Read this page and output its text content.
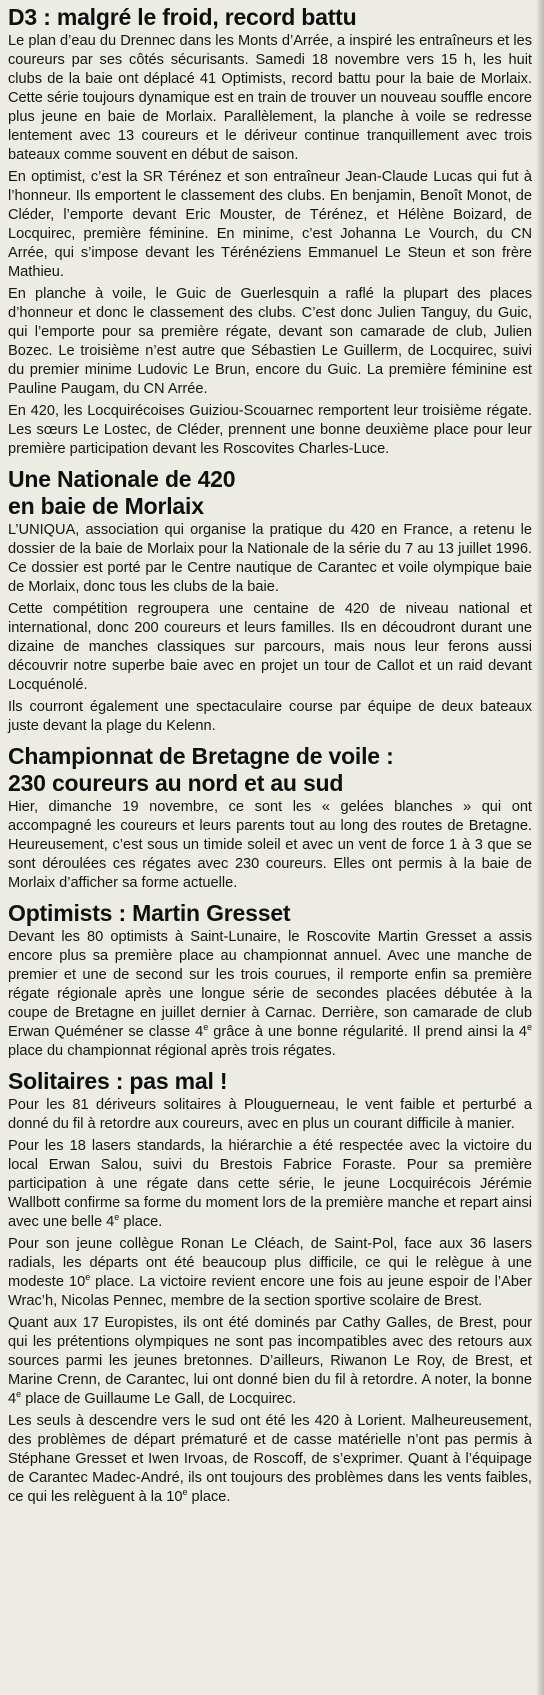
D3 : malgré le froid, record battu

Le plan d’eau du Drennec dans les Monts d’Arrée, a inspiré les entraîneurs et les coureurs par ses côtés sécurisants. Samedi 18 novembre vers 15 h, les huit clubs de la baie ont déplacé 41 Optimists, record battu pour la baie de Morlaix. Cette série toujours dynamique est en train de trouver un nouveau souffle encore plus jeune en baie de Morlaix. Parallèlement, la planche à voile se redresse lentement avec 13 coureurs et le dériveur continue tranquillement avec trois bateaux comme souvent en début de saison.

En optimist, c’est la SR Térénez et son entraîneur Jean-Claude Lucas qui fut à l’honneur. Ils emportent le classement des clubs. En benjamin, Benoît Monot, de Cléder, l’emporte devant Eric Mouster, de Térénez, et Hélène Boizard, de Locquirec, première féminine. En minime, c’est Johanna Le Vourch, du CN Arrée, qui s’impose devant les Térénéziens Emmanuel Le Steun et son frère Mathieu.

En planche à voile, le Guic de Guerlesquin a raflé la plupart des places d’honneur et donc le classement des clubs. C’est donc Julien Tanguy, du Guic, qui l’emporte pour sa première régate, devant son camarade de club, Julien Bozec. Le troisième n’est autre que Sébastien Le Guillerm, de Locquirec, suivi du premier minime Ludovic Le Brun, encore du Guic. La première féminine est Pauline Paugam, du CN Arrée.

En 420, les Locquirécoises Guiziou-Scouarnec remportent leur troisième régate. Les sœurs Le Lostec, de Cléder, prennent une bonne deuxième place pour leur première participation devant les Roscovites Charles-Luce.

Une Nationale de 420
en baie de Morlaix

L’UNIQUA, association qui organise la pratique du 420 en France, a retenu le dossier de la baie de Morlaix pour la Nationale de la série du 7 au 13 juillet 1996. Ce dossier est porté par le Centre nautique de Carantec et voile olympique baie de Morlaix, donc tous les clubs de la baie.

Cette compétition regroupera une centaine de 420 de niveau national et international, donc 200 coureurs et leurs familles. Ils en découdront durant une dizaine de manches classiques sur parcours, mais nous leur ferons aussi découvrir notre superbe baie avec en projet un tour de Callot et un raid devant Locquénolé.

Ils courront également une spectaculaire course par équipe de deux bateaux juste devant la plage du Kelenn.

Championnat de Bretagne de voile :
230 coureurs au nord et au sud

Hier, dimanche 19 novembre, ce sont les « gelées blanches » qui ont accompagné les coureurs et leurs parents tout au long des routes de Bretagne. Heureusement, c’est sous un timide soleil et avec un vent de force 1 à 3 que se sont déroulées ces régates avec 230 coureurs. Elles ont permis à la baie de Morlaix d’afficher sa forme actuelle.

Optimists : Martin Gresset

Devant les 80 optimists à Saint-Lunaire, le Roscovite Martin Gresset a assis encore plus sa première place au championnat annuel. Avec une manche de premier et une de second sur les trois courues, il remporte enfin sa première régate régionale après une longue série de secondes placées débutée à la coupe de Bretagne en juillet dernier à Carnac. Derrière, son camarade de club Erwan Quéméner se classe 4e grâce à une bonne régularité. Il prend ainsi la 4e place du championnat régional après trois régates.

Solitaires : pas mal !

Pour les 81 dériveurs solitaires à Plouguerneau, le vent faible et perturbé a donné du fil à retordre aux coureurs, avec en plus un courant difficile à manier.

Pour les 18 lasers standards, la hiérarchie a été respectée avec la victoire du local Erwan Salou, suivi du Brestois Fabrice Foraste. Pour sa première participation à une régate dans cette série, le jeune Locquirécois Jérémie Wallbott confirme sa forme du moment lors de la première manche et repart ainsi avec une belle 4e place.

Pour son jeune collègue Ronan Le Cléach, de Saint-Pol, face aux 36 lasers radials, les départs ont été beaucoup plus difficile, ce qui le relègue à une modeste 10e place. La victoire revient encore une fois au jeune espoir de l’Aber Wrac’h, Nicolas Pennec, membre de la section sportive scolaire de Brest.

Quant aux 17 Europistes, ils ont été dominés par Cathy Galles, de Brest, pour qui les prétentions olympiques ne sont pas incompatibles avec des retours aux sources parmi les jeunes bretonnes. D’ailleurs, Riwanon Le Roy, de Brest, et Marine Crenn, de Carantec, lui ont donné bien du fil à retordre. A noter, la bonne 4e place de Guillaume Le Gall, de Locquirec.

Les seuls à descendre vers le sud ont été les 420 à Lorient. Malheureusement, des problèmes de départ prématuré et de casse matérielle n’ont pas permis à Stéphane Gresset et Iwen Irvoas, de Roscoff, de s’exprimer. Quant à l’équipage de Carantec Madec-André, ils ont toujours des problèmes dans les vents faibles, ce qui les relèguent à la 10e place.
